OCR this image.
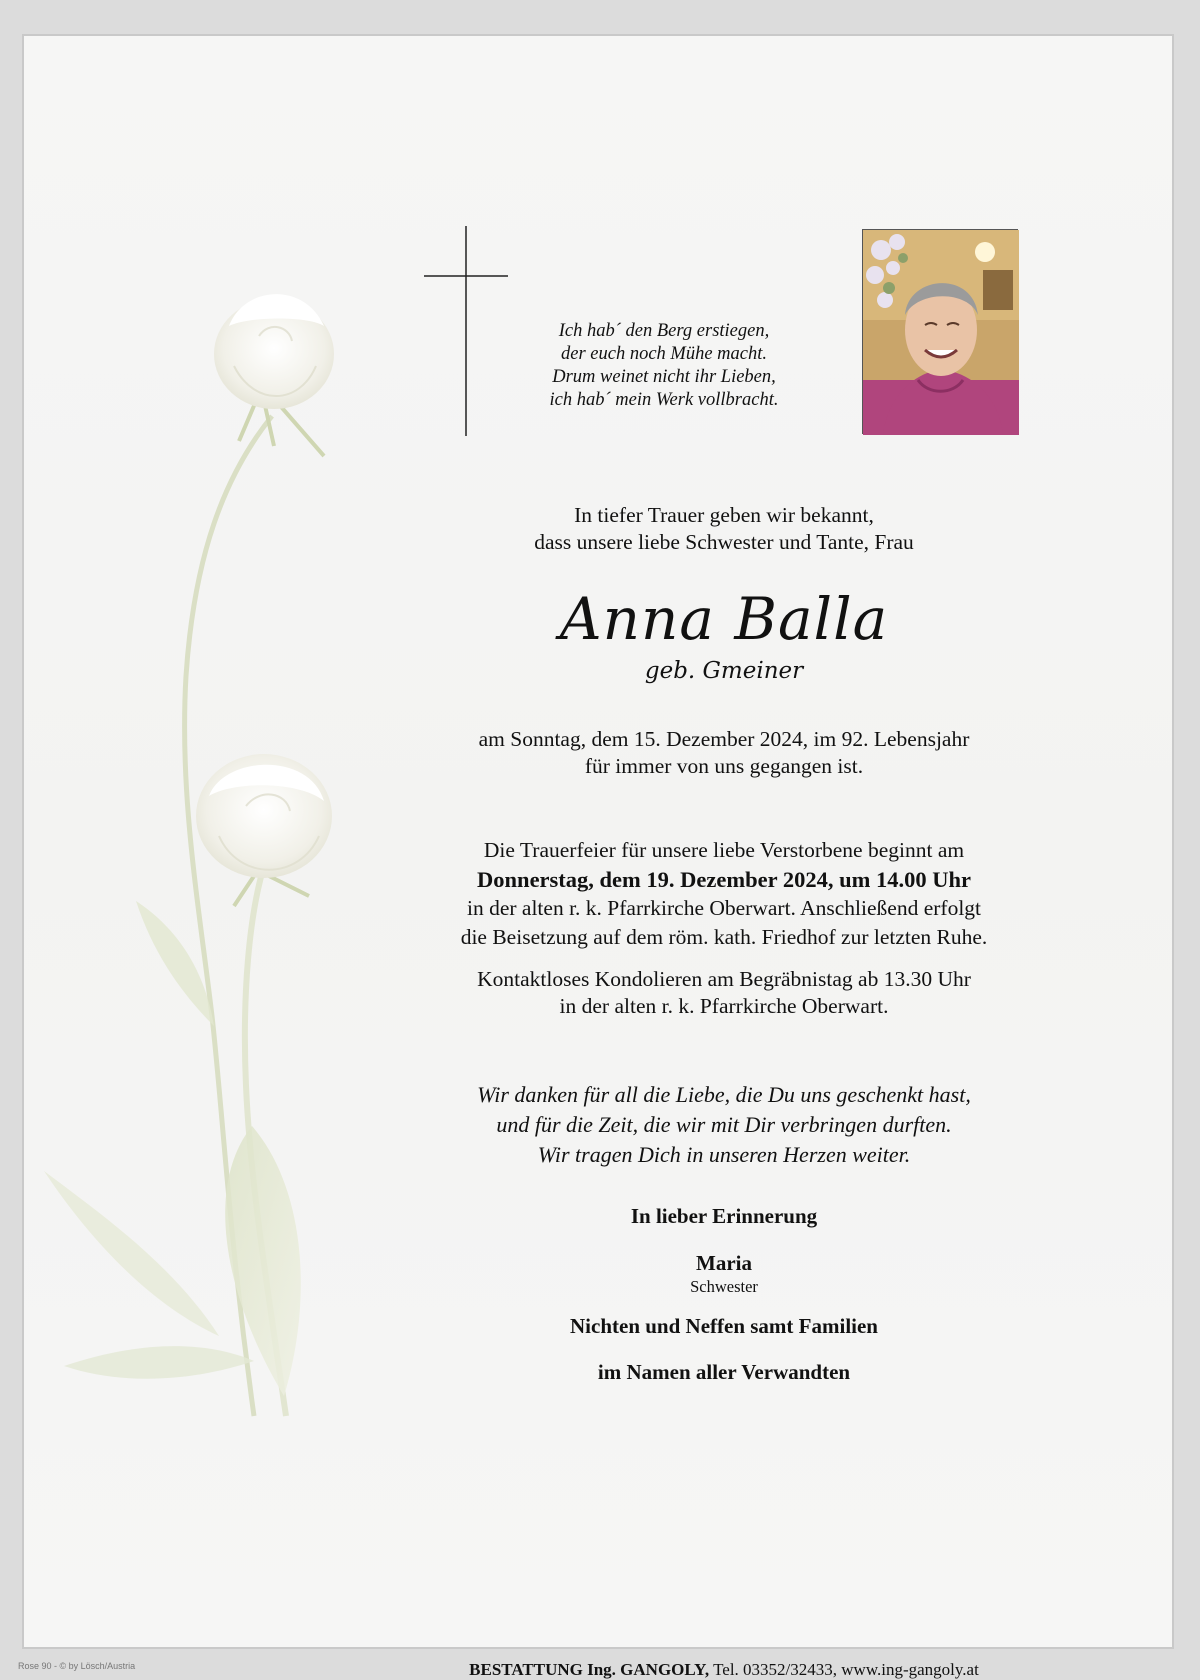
Ich hab´ den Berg erstiegen,
der euch noch Mühe macht.
Drum weinet nicht ihr Lieben,
ich hab´ mein Werk vollbracht.
In tiefer Trauer geben wir bekannt,
dass unsere liebe Schwester und Tante, Frau
Anna Balla
geb. Gmeiner
am Sonntag, dem 15. Dezember 2024, im 92. Lebensjahr
für immer von uns gegangen ist.
Die Trauerfeier für unsere liebe Verstorbene beginnt am
Donnerstag, dem 19. Dezember 2024, um 14.00 Uhr
in der alten r. k. Pfarrkirche Oberwart. Anschließend erfolgt
die Beisetzung auf dem röm. kath. Friedhof zur letzten Ruhe.
Kontaktloses Kondolieren am Begräbnistag ab 13.30 Uhr
in der alten r. k. Pfarrkirche Oberwart.
Wir danken für all die Liebe, die Du uns geschenkt hast,
und für die Zeit, die wir mit Dir verbringen durften.
Wir tragen Dich in unseren Herzen weiter.
In lieber Erinnerung
Maria
Schwester
Nichten und Neffen samt Familien
im Namen aller Verwandten
BESTATTUNG Ing. GANGOLY, Tel. 03352/32433, www.ing-gangoly.at
Rose 90 - © by Lösch/Austria
